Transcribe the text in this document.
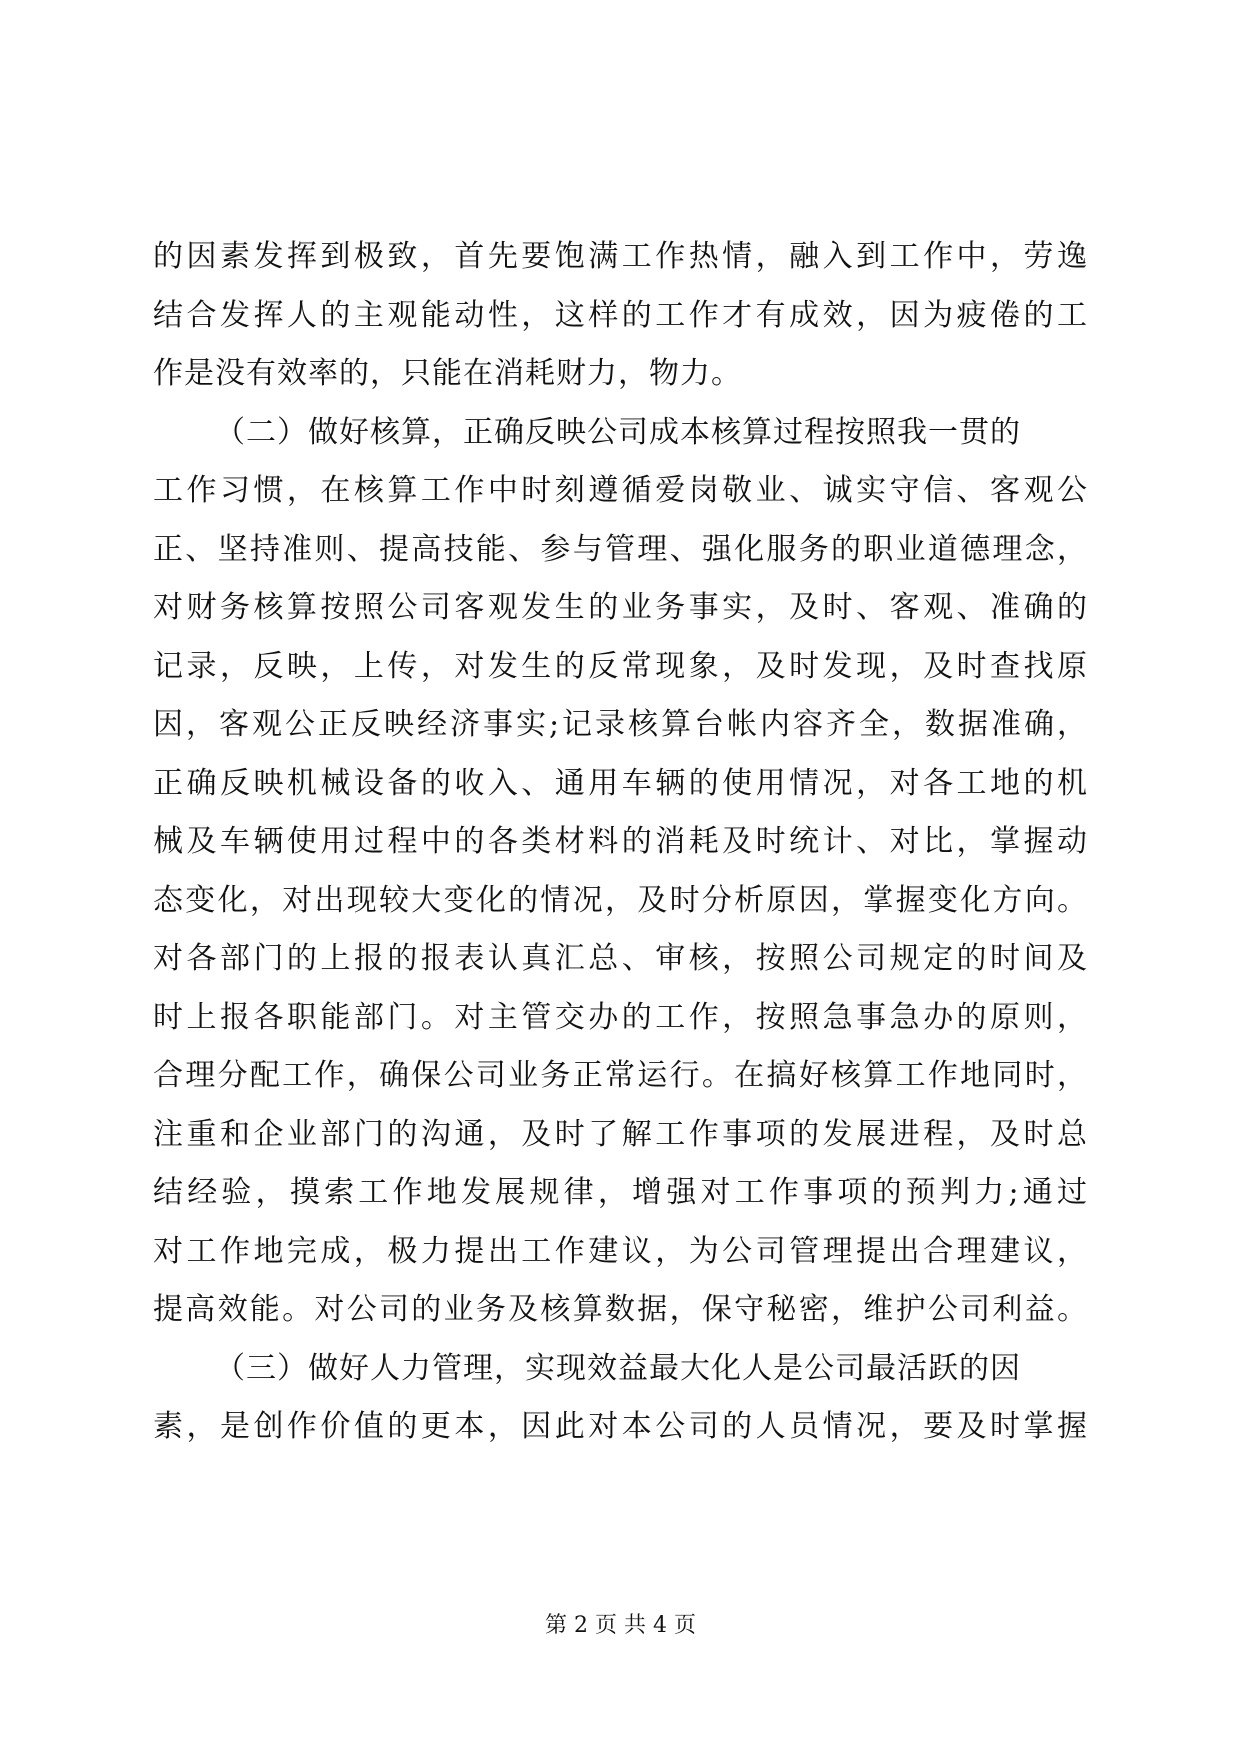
的因素发挥到极致，首先要饱满工作热情，融入到工作中，劳逸
结合发挥人的主观能动性，这样的工作才有成效，因为疲倦的工
作是没有效率的，只能在消耗财力，物力。
（二）做好核算，正确反映公司成本核算过程按照我一贯的
工作习惯，在核算工作中时刻遵循爱岗敬业、诚实守信、客观公
正、坚持准则、提高技能、参与管理、强化服务的职业道德理念，
对财务核算按照公司客观发生的业务事实，及时、客观、准确的
记录，反映，上传，对发生的反常现象，及时发现，及时查找原
因，客观公正反映经济事实;记录核算台帐内容齐全，数据准确，
正确反映机械设备的收入、通用车辆的使用情况，对各工地的机
械及车辆使用过程中的各类材料的消耗及时统计、对比，掌握动
态变化，对出现较大变化的情况，及时分析原因，掌握变化方向。
对各部门的上报的报表认真汇总、审核，按照公司规定的时间及
时上报各职能部门。对主管交办的工作，按照急事急办的原则，
合理分配工作，确保公司业务正常运行。在搞好核算工作地同时，
注重和企业部门的沟通，及时了解工作事项的发展进程，及时总
结经验，摸索工作地发展规律，增强对工作事项的预判力;通过
对工作地完成，极力提出工作建议，为公司管理提出合理建议，
提高效能。对公司的业务及核算数据，保守秘密，维护公司利益。
（三）做好人力管理，实现效益最大化人是公司最活跃的因
素，是创作价值的更本，因此对本公司的人员情况，要及时掌握
第 2 页 共 4 页
